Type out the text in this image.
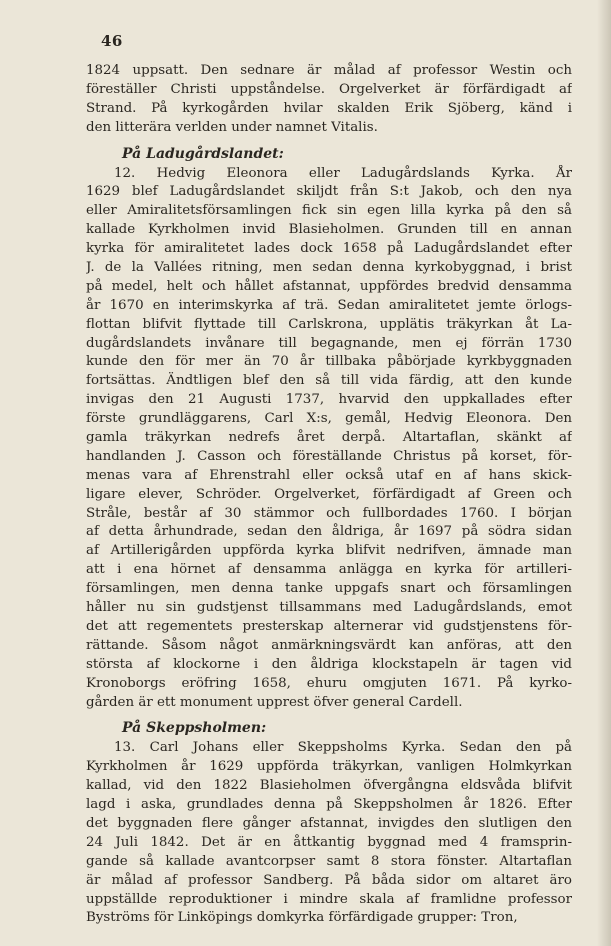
46
1824 uppsatt. Den sednare är målad af professor Westin och
föreställer Christi uppståndelse. Orgelverket är förfärdigadt af
Strand. På kyrkogården hvilar skalden Erik Sjöberg, känd i
den litterära verlden under namnet Vitalis.
På Ladugårdslandet:
12. Hedvig Eleonora eller Ladugårdslands Kyrka. År
1629 blef Ladugårdslandet skiljdt från S:t Jakob, och den nya
eller Amiralitetsförsamlingen fick sin egen lilla kyrka på den så
kallade Kyrkholmen invid Blasieholmen. Grunden till en annan
kyrka för amiralitetet lades dock 1658 på Ladugårdslandet efter
J. de la Vallées ritning, men sedan denna kyrkobyggnad, i brist
på medel, helt och hållet afstannat, uppfördes bredvid densamma
år 1670 en interimskyrka af trä. Sedan amiralitetet jemte örlogs-
flottan blifvit flyttade till Carlskrona, upplätis träkyrkan åt La-
dugårdslandets invånare till begagnande, men ej förrän 1730
kunde den för mer än 70 år tillbaka påbörjade kyrkbyggnaden
fortsättas. Ändtligen blef den så till vida färdig, att den kunde
invigas den 21 Augusti 1737, hvarvid den uppkallades efter
förste grundläggarens, Carl X:s, gemål, Hedvig Eleonora. Den
gamla träkyrkan nedrefs året derpå. Altartaflan, skänkt af
handlanden J. Casson och föreställande Christus på korset, för-
menas vara af Ehrenstrahl eller också utaf en af hans skick-
ligare elever, Schröder. Orgelverket, förfärdigadt af Green och
Stråle, består af 30 stämmor och fullbordades 1760. I början
af detta århundrade, sedan den åldriga, år 1697 på södra sidan
af Artillerigården uppförda kyrka blifvit nedrifven, ämnade man
att i ena hörnet af densamma anlägga en kyrka för artilleri-
församlingen, men denna tanke uppgafs snart och församlingen
håller nu sin gudstjenst tillsammans med Ladugårdslands, emot
det att regementets presterskap alternerar vid gudstjenstens för-
rättande. Såsom något anmärkningsvärdt kan anföras, att den
största af klockorne i den åldriga klockstapeln är tagen vid
Kronoborgs eröfring 1658, ehuru omgjuten 1671. På kyrko-
gården är ett monument upprest öfver general Cardell.
På Skeppsholmen:
13. Carl Johans eller Skeppsholms Kyrka. Sedan den på
Kyrkholmen år 1629 uppförda träkyrkan, vanligen Holmkyrkan
kallad, vid den 1822 Blasieholmen öfvergångna eldsvåda blifvit
lagd i aska, grundlades denna på Skeppsholmen år 1826. Efter
det byggnaden flere gånger afstannat, invigdes den slutligen den
24 Juli 1842. Det är en åttkantig byggnad med 4 framsprin-
gande så kallade avantcorpser samt 8 stora fönster. Altartaflan
är målad af professor Sandberg. På båda sidor om altaret äro
uppställde reproduktioner i mindre skala af framlidne professor
Byströms för Linköpings domkyrka förfärdigade grupper: Tron,
